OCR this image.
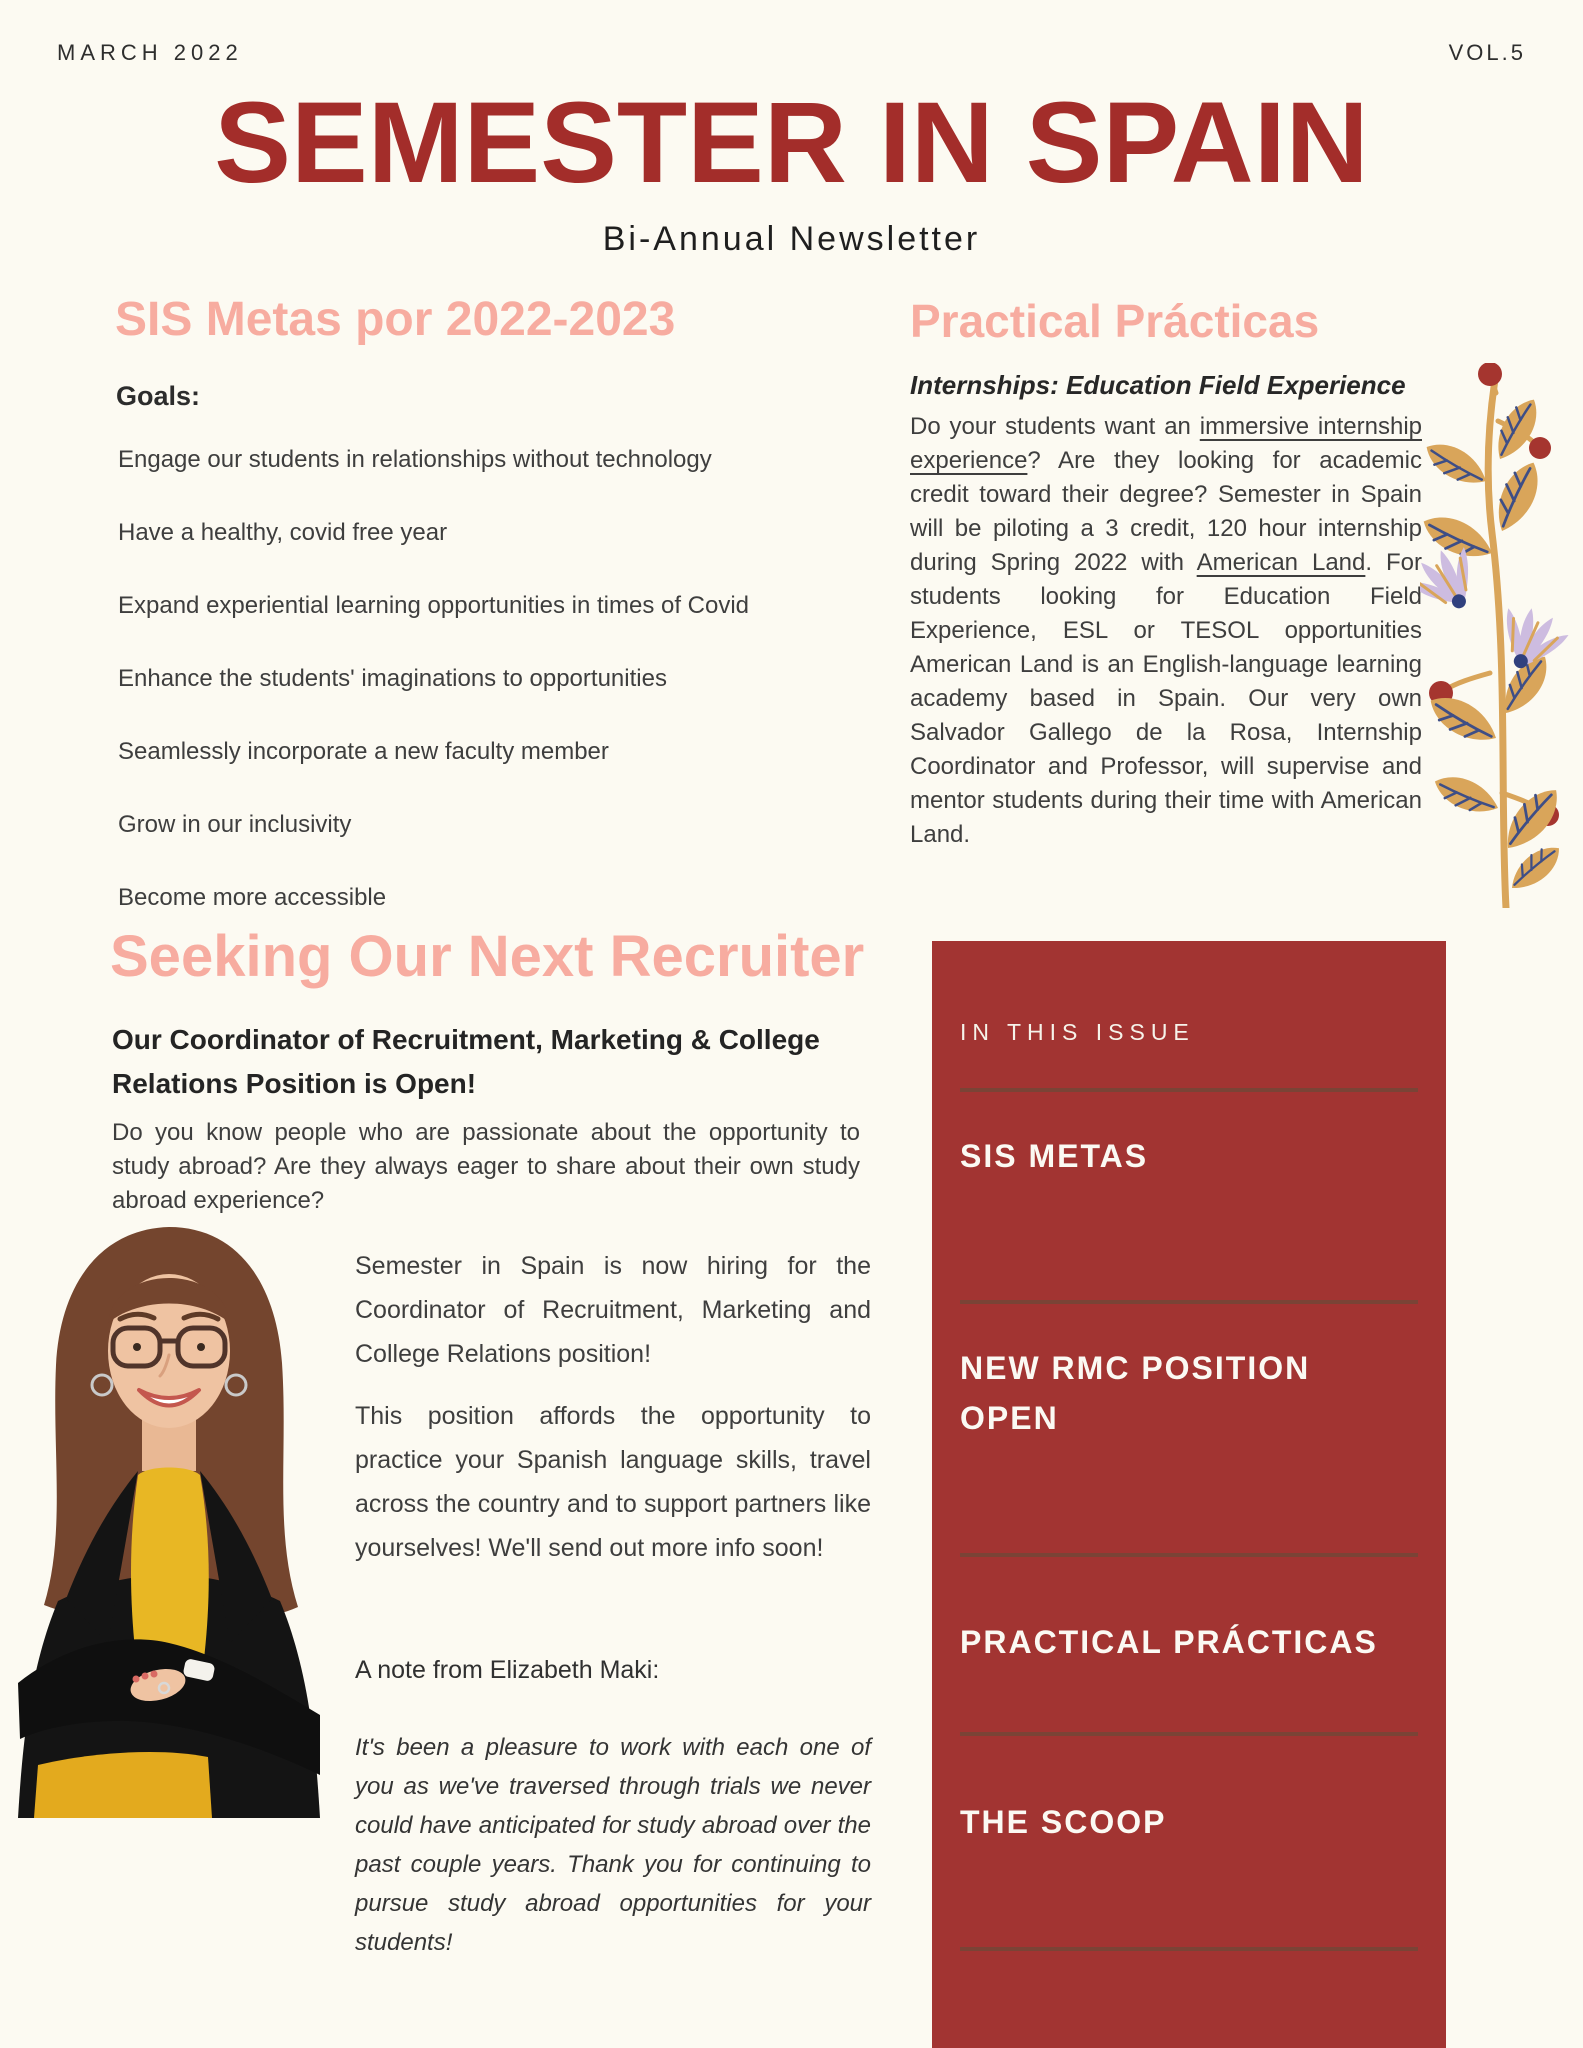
MARCH 2022	VOL.5
SEMESTER IN SPAIN
Bi-Annual Newsletter
SIS Metas por 2022-2023
Goals:
Engage our students in relationships without technology
Have a healthy, covid free year
Expand experiential learning opportunities in times of Covid
Enhance the students' imaginations to opportunities
Seamlessly incorporate a new faculty member
Grow in our inclusivity
Become more accessible
Practical Prácticas
Internships: Education Field Experience

Do your students want an immersive internship experience? Are they looking for academic credit toward their degree? Semester in Spain will be piloting a 3 credit, 120 hour internship during Spring 2022 with American Land. For students looking for Education Field Experience, ESL or TESOL opportunities American Land is an English-language learning academy based in Spain. Our very own Salvador Gallego de la Rosa, Internship Coordinator and Professor, will supervise and mentor students during their time with American Land.

Seeking Our Next Recruiter
Our Coordinator of Recruitment, Marketing & College Relations Position is Open!
Do you know people who are passionate about the opportunity to study abroad? Are they always eager to share about their own study abroad experience?
Semester in Spain is now hiring for the Coordinator of Recruitment, Marketing and College Relations position!
This position affords the opportunity to practice your Spanish language skills, travel across the country and to support partners like yourselves! We'll send out more info soon!
A note from Elizabeth Maki:
It's been a pleasure to work with each one of you as we've traversed through trials we never could have anticipated for study abroad over the past couple years. Thank you for continuing to pursue study abroad opportunities for your students!
IN THIS ISSUE
SIS METAS
NEW RMC POSITION OPEN
PRACTICAL PRÁCTICAS
THE SCOOP
